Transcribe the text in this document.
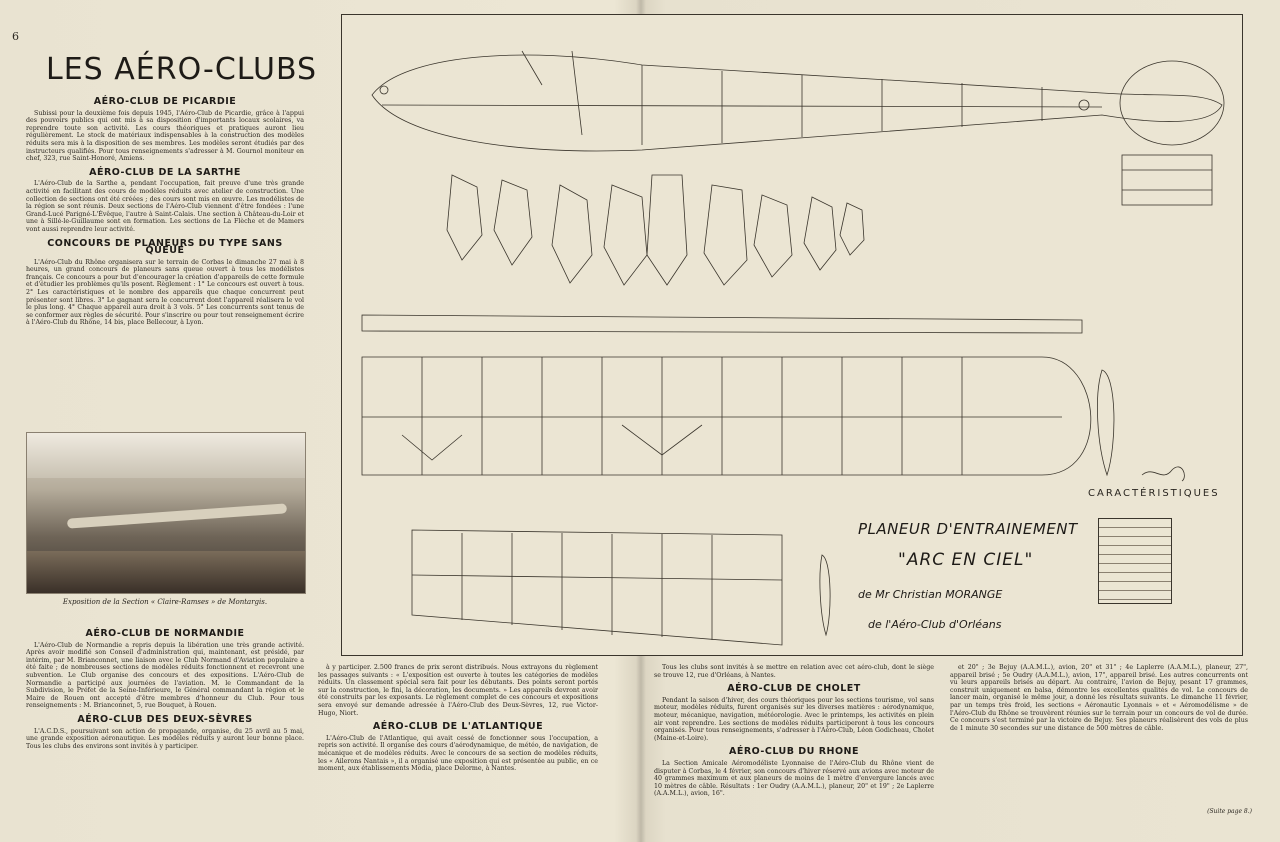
6
LES AÉRO-CLUBS
AÉRO-CLUB DE PICARDIE

Subissi pour la deuxième fois depuis 1945, l'Aéro-Club de Picardie, grâce à l'appui des pouvoirs publics qui ont mis à sa disposition d'importants locaux scolaires, va reprendre toute son activité. Les cours théoriques et pratiques auront lieu régulièrement. Le stock de matériaux indispensables à la construction des modèles réduits sera mis à la disposition de ses membres. Les modèles seront étudiés par des instructeurs qualifiés. Pour tous renseignements s'adresser à M. Gournol moniteur en chef, 323, rue Saint-Honoré, Amiens.

AÉRO-CLUB DE LA SARTHE

L'Aéro-Club de la Sarthe a, pendant l'occupation, fait preuve d'une très grande activité en facilitant des cours de modèles réduits avec atelier de construction. Une collection de sections ont été créées ; des cours sont mis en œuvre. Les modélistes de la région se sont réunis. Deux sections de l'Aéro-Club viennent d'être fondées : l'une Grand-Lucé Parigné-L'Évêque, l'autre à Saint-Calais. Une section à Château-du-Loir et une à Sillé-le-Guillaume sont en formation. Les sections de La Flèche et de Mamers vont aussi reprendre leur activité.

CONCOURS DE PLANEURS DU TYPE SANS QUEUE

L'Aéro-Club du Rhône organisera sur le terrain de Corbas le dimanche 27 mai à 8 heures, un grand concours de planeurs sans queue ouvert à tous les modélistes français. Ce concours a pour but d'encourager la création d'appareils de cette formule et d'étudier les problèmes qu'ils posent. Règlement : 1° Le concours est ouvert à tous. 2° Les caractéristiques et le nombre des appareils que chaque concurrent peut présenter sont libres. 3° Le gagnant sera le concurrent dont l'appareil réalisera le vol le plus long. 4° Chaque appareil aura droit à 3 vols. 5° Les concurrents sont tenus de se conformer aux règles de sécurité. Pour s'inscrire ou pour tout renseignement écrire à l'Aéro-Club du Rhône, 14 bis, place Bellecour, à Lyon.

Exposition de la Section « Claire-Ramses » de Montargis.
AÉRO-CLUB DE NORMANDIE

L'Aéro-Club de Normandie a repris depuis la libération une très grande activité. Après avoir modifié son Conseil d'administration qui, maintenant, est présidé, par intérim, par M. Brianconnet, une liaison avec le Club Normand d'Aviation populaire a été faite ; de nombreuses sections de modèles réduits fonctionnent et recevront une subvention. Le Club organise des concours et des expositions. L'Aéro-Club de Normandie a participé aux journées de l'aviation. M. le Commandant de la Subdivision, le Préfet de la Seine-Inférieure, le Général commandant la région et le Maire de Rouen ont accepté d'être membres d'honneur du Club. Pour tous renseignements : M. Brianconnet, 5, rue Bouquet, à Rouen.

AÉRO-CLUB DES DEUX-SÈVRES

L'A.C.D.S., poursuivant son action de propagande, organise, du 25 avril au 5 mai, une grande exposition aéronautique. Les modèles réduits y auront leur bonne place. Tous les clubs des environs sont invités à y participer.

à y participer. 2.500 francs de prix seront distribués. Nous extrayons du règlement les passages suivants : « L'exposition est ouverte à toutes les catégories de modèles réduits. Un classement spécial sera fait pour les débutants. Des points seront portés sur la construction, le fini, la décoration, les documents. » Les appareils devront avoir été construits par les exposants. Le règlement complet de ces concours et expositions sera envoyé sur demande adressée à l'Aéro-Club des Deux-Sèvres, 12, rue Victor-Hugo, Niort.

AÉRO-CLUB DE L'ATLANTIQUE

L'Aéro-Club de l'Atlantique, qui avait cessé de fonctionner sous l'occupation, a repris son activité. Il organise des cours d'aérodynamique, de météo, de navigation, de mécanique et de modèles réduits. Avec le concours de sa section de modèles réduits, les « Ailerons Nantais », il a organisé une exposition qui est présentée au public, en ce moment, aux établissements Modia, place Delorme, à Nantes.

Tous les clubs sont invités à se mettre en relation avec cet aéro-club, dont le siège se trouve 12, rue d'Orléans, à Nantes.

AÉRO-CLUB DE CHOLET

Pendant la saison d'hiver, des cours théoriques pour les sections tourisme, vol sans moteur, modèles réduits, furent organisés sur les diverses matières : aérodynamique, moteur, mécanique, navigation, météorologie. Avec le printemps, les activités en plein air vont reprendre. Les sections de modèles réduits participeront à tous les concours organisés. Pour tous renseignements, s'adresser à l'Aéro-Club, Léon Godicheau, Cholet (Maine-et-Loire).

AÉRO-CLUB DU RHONE

La Section Amicale Aéromodéliste Lyonnaise de l'Aéro-Club du Rhône vient de disputer à Corbas, le 4 février, son concours d'hiver réservé aux avions avec moteur de 40 grammes maximum et aux planeurs de moins de 1 mètre d'envergure lancés avec 10 mètres de câble. Résultats : 1er Oudry (A.A.M.L.), planeur, 20" et 19" ; 2e Laplerre (A.A.M.L.), avion, 16".

et 20" ; 3e Bejuy (A.A.M.L.), avion, 20" et 31" ; 4e Laplerre (A.A.M.L.), planeur, 27", appareil brisé ; 5e Oudry (A.A.M.L.), avion, 17", appareil brisé. Les autres concurrents ont vu leurs appareils brisés au départ. Au contraire, l'avion de Bejuy, pesant 17 grammes, construit uniquement en balsa, démontre les excellentes qualités de vol. Le concours de lancer main, organisé le même jour, a donné les résultats suivants. Le dimanche 11 février, par un temps très froid, les sections « Aéronautic Lyonnais » et « Aéromodélisme » de l'Aéro-Club du Rhône se trouvèrent réunies sur le terrain pour un concours de vol de durée. Ce concours s'est terminé par la victoire de Bejuy. Ses planeurs réalisèrent des vols de plus de 1 minute 30 secondes sur une distance de 500 mètres de câble.

(Suite page 8.)
CARACTÉRISTIQUES
PLANEUR D'ENTRAINEMENT
"ARC EN CIEL"
de Mr Christian MORANGE
de l'Aéro-Club d'Orléans
